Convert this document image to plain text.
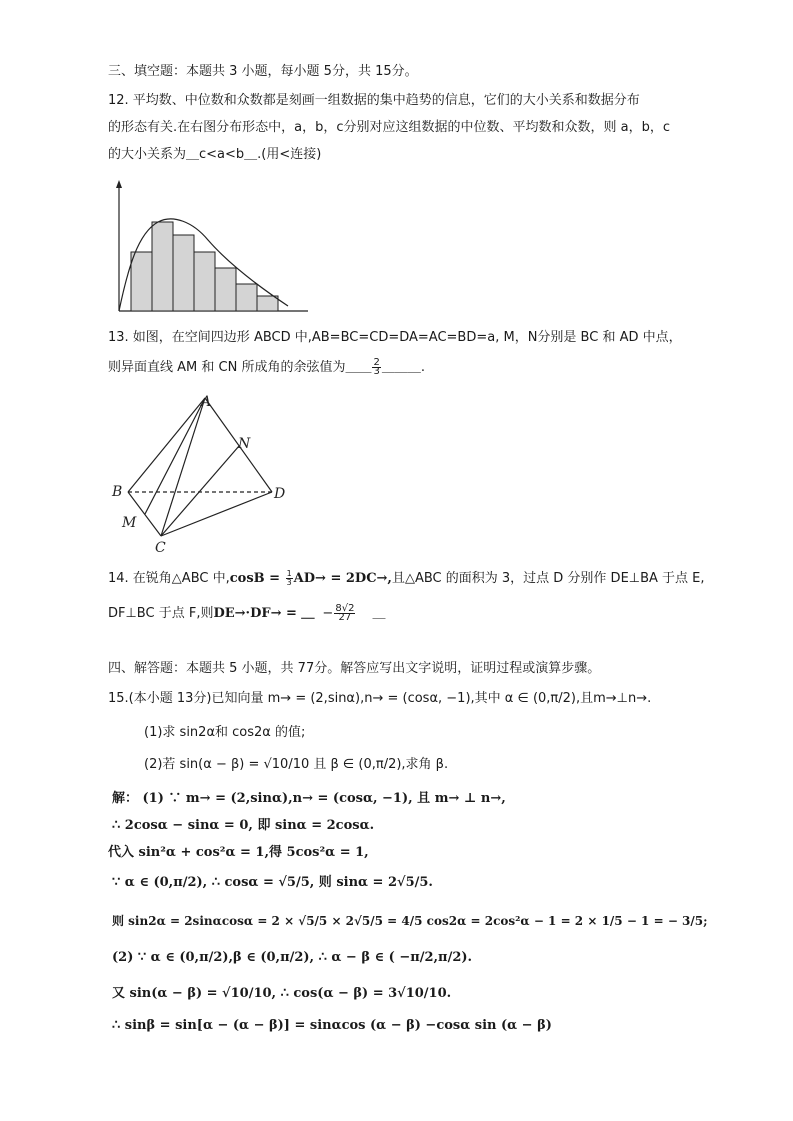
三、填空题：本题共 3 小题，每小题 5分，共 15分。
12. 平均数、中位数和众数都是刻画一组数据的集中趋势的信息，它们的大小关系和数据分布
的形态有关.在右图分布形态中，a，b，c分别对应这组数据的中位数、平均数和众数，则 a，b，c
的大小关系为＿c<a<b＿.(用<连接)
13. 如图，在空间四边形 ABCD 中,AB=BC=CD=DA=AC=BD=a, M，N分别是 BC 和 AD 中点，
则异面直线 AM 和 CN 所成角的余弦值为＿＿ $\frac{2}{3}$ ＿＿＿.
A
B
C
D
M
N
14. 在锐角△ABC 中$,\cos B = \frac{1}{3} AD\to = 2DC\to$,且△ABC 的面积为 3，过点 D 分别作 DE⊥BA 于点 E,
DF⊥BC 于点 F,则DE→·DF→ = ＿ − $\frac{8√2}{27}$ ＿
四、解答题：本题共 5 小题，共 77分。解答应写出文字说明，证明过程或演算步骤。
15.(本小题 13分)已知向量 m→ = (2,sinα),n→ = (cosα, −1),其中 α ∈ (0,π/2),且m→⊥n→.
(1)求 sin2α和 cos2α 的值;
(2)若 sin(α − β) = √10/10 且 β ∈ (0,π/2),求角 β.
解： (1) ∵ m→ = (2,sinα),n→ = (cosα, −1), 且 m→ ⊥ n→,
∴ 2cosα − sinα = 0, 即 sinα = 2cosα.
代入 sin²α + cos²α = 1,得 5cos²α = 1,
∵ α ∈ (0,π/2), ∴ cosα = √5/5, 则 sinα = 2√5/5.
则 sin2α = 2sinαcosα = 2 × √5/5 × 2√5/5 = 4/5 cos2α = 2cos²α − 1 = 2 × 1/5 − 1 = − 3/5;
(2) ∵ α ∈ (0,π/2),β ∈ (0,π/2), ∴ α − β ∈ ( −π/2,π/2).
又 sin(α − β) = √10/10, ∴ cos(α − β) = 3√10/10.
∴ sinβ = sin[α − (α − β)] = sinαcos (α − β) −cosα sin (α − β)
